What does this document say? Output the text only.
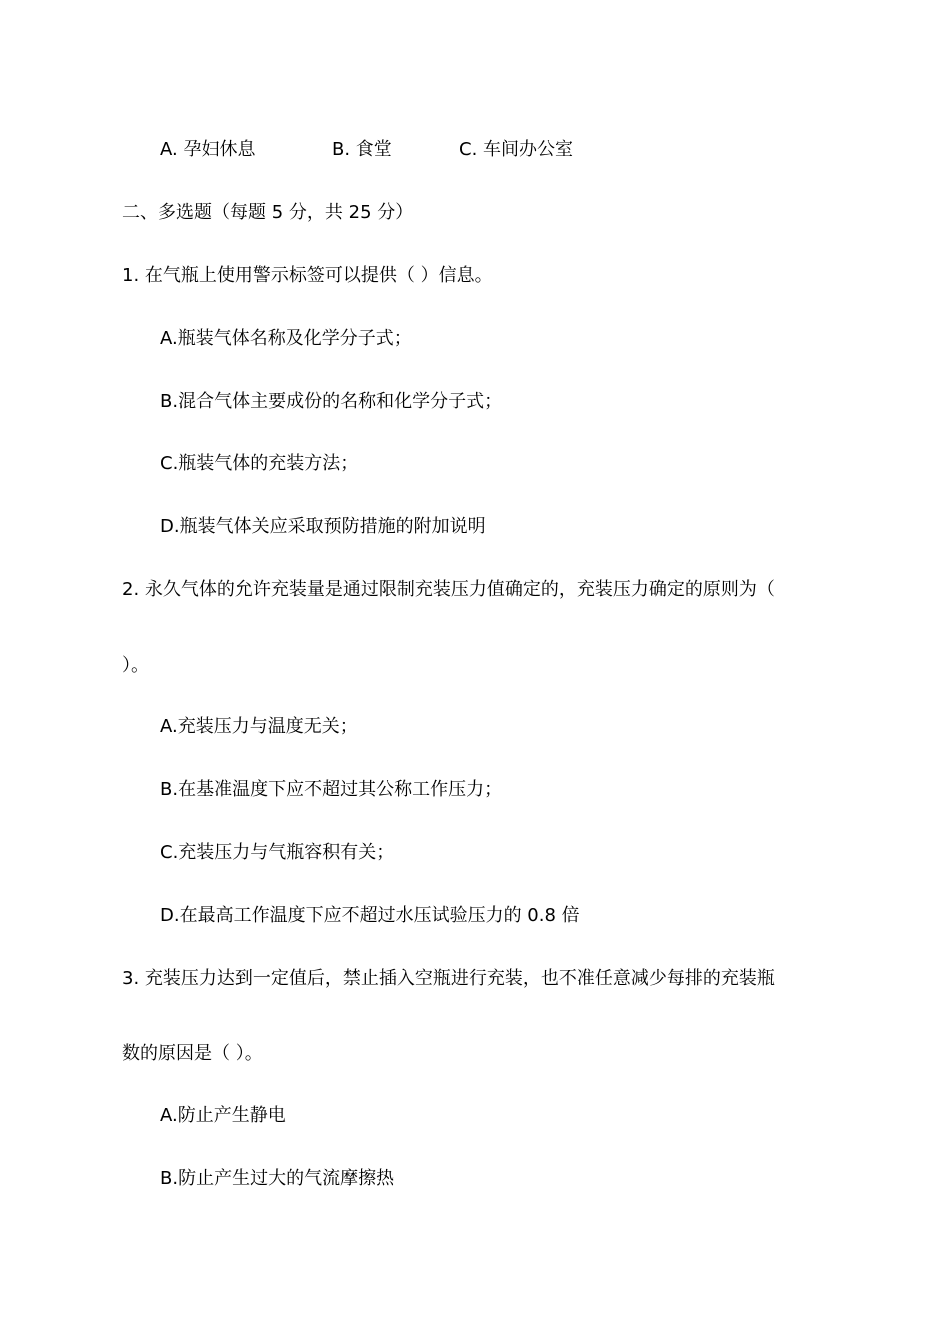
A. 孕妇休息	B. 食堂	C. 车间办公室
二、多选题（每题 5 分，共 25 分）
1. 在气瓶上使用警示标签可以提供（ ）信息。
A.瓶装气体名称及化学分子式；
B.混合气体主要成份的名称和化学分子式；
C.瓶装气体的充装方法；
D.瓶装气体关应采取预防措施的附加说明
2. 永久气体的允许充装量是通过限制充装压力值确定的，充装压力确定的原则为（
）。
A.充装压力与温度无关；
B.在基准温度下应不超过其公称工作压力；
C.充装压力与气瓶容积有关；
D.在最高工作温度下应不超过水压试验压力的 0.8 倍
3. 充装压力达到一定值后，禁止插入空瓶进行充装，也不准任意减少每排的充装瓶
数的原因是（ ）。
A.防止产生静电
B.防止产生过大的气流摩擦热
